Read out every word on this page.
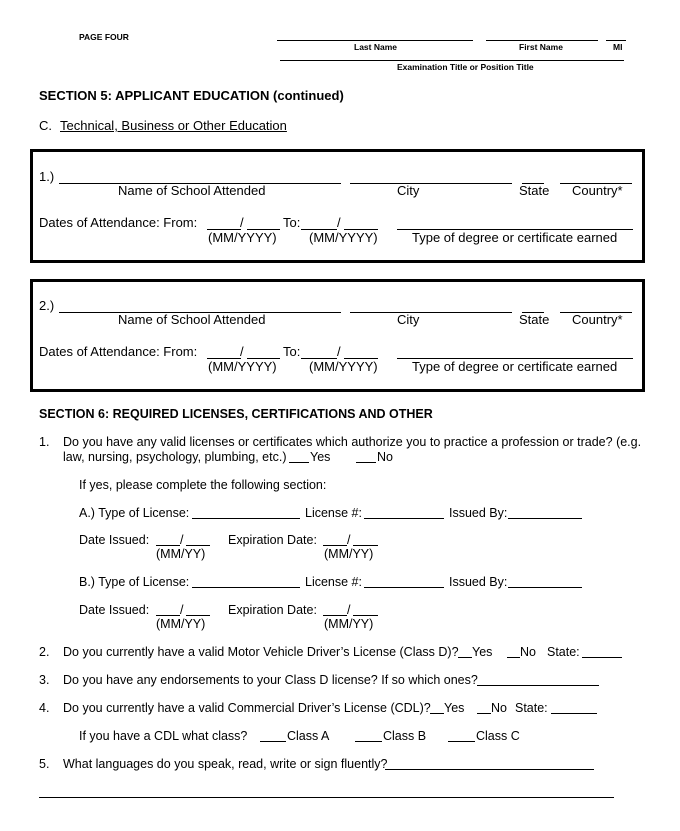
PAGE FOUR
Last Name	First Name	MI
Examination Title or Position Title
SECTION 5: APPLICANT EDUCATION (continued)
C. Technical, Business or Other Education
1.)
Name of School Attended	City	State Country*
Dates of Attendance: From:	/	To:	/
(MM/YYYY) (MM/YYYY)	Type of degree or certificate earned
2.)
Name of School Attended	City	State Country*
Dates of Attendance: From:	/	To:	/
(MM/YYYY) (MM/YYYY)	Type of degree or certificate earned
SECTION 6: REQUIRED LICENSES, CERTIFICATIONS AND OTHER
1. Do you have any valid licenses or certificates which authorize you to practice a profession or trade? (e.g.
law, nursing, psychology, plumbing, etc.) Yes	No
If yes, please complete the following section:
A.) Type of License:	License #:	Issued By:
Date Issued: /	Expiration Date: /
(MM/YY)	(MM/YY)
B.) Type of License:	License #:	Issued By:
Date Issued: /	Expiration Date: /
(MM/YY)	(MM/YY)
2. Do you currently have a valid Motor Vehicle Driver’s License (Class D)? Yes No State:
3. Do you have any endorsements to your Class D license? If so which ones?
4. Do you currently have a valid Commercial Driver’s License (CDL)? Yes No State:
If you have a CDL what class?	Class A	Class B	Class C
5. What languages do you speak, read, write or sign fluently?
